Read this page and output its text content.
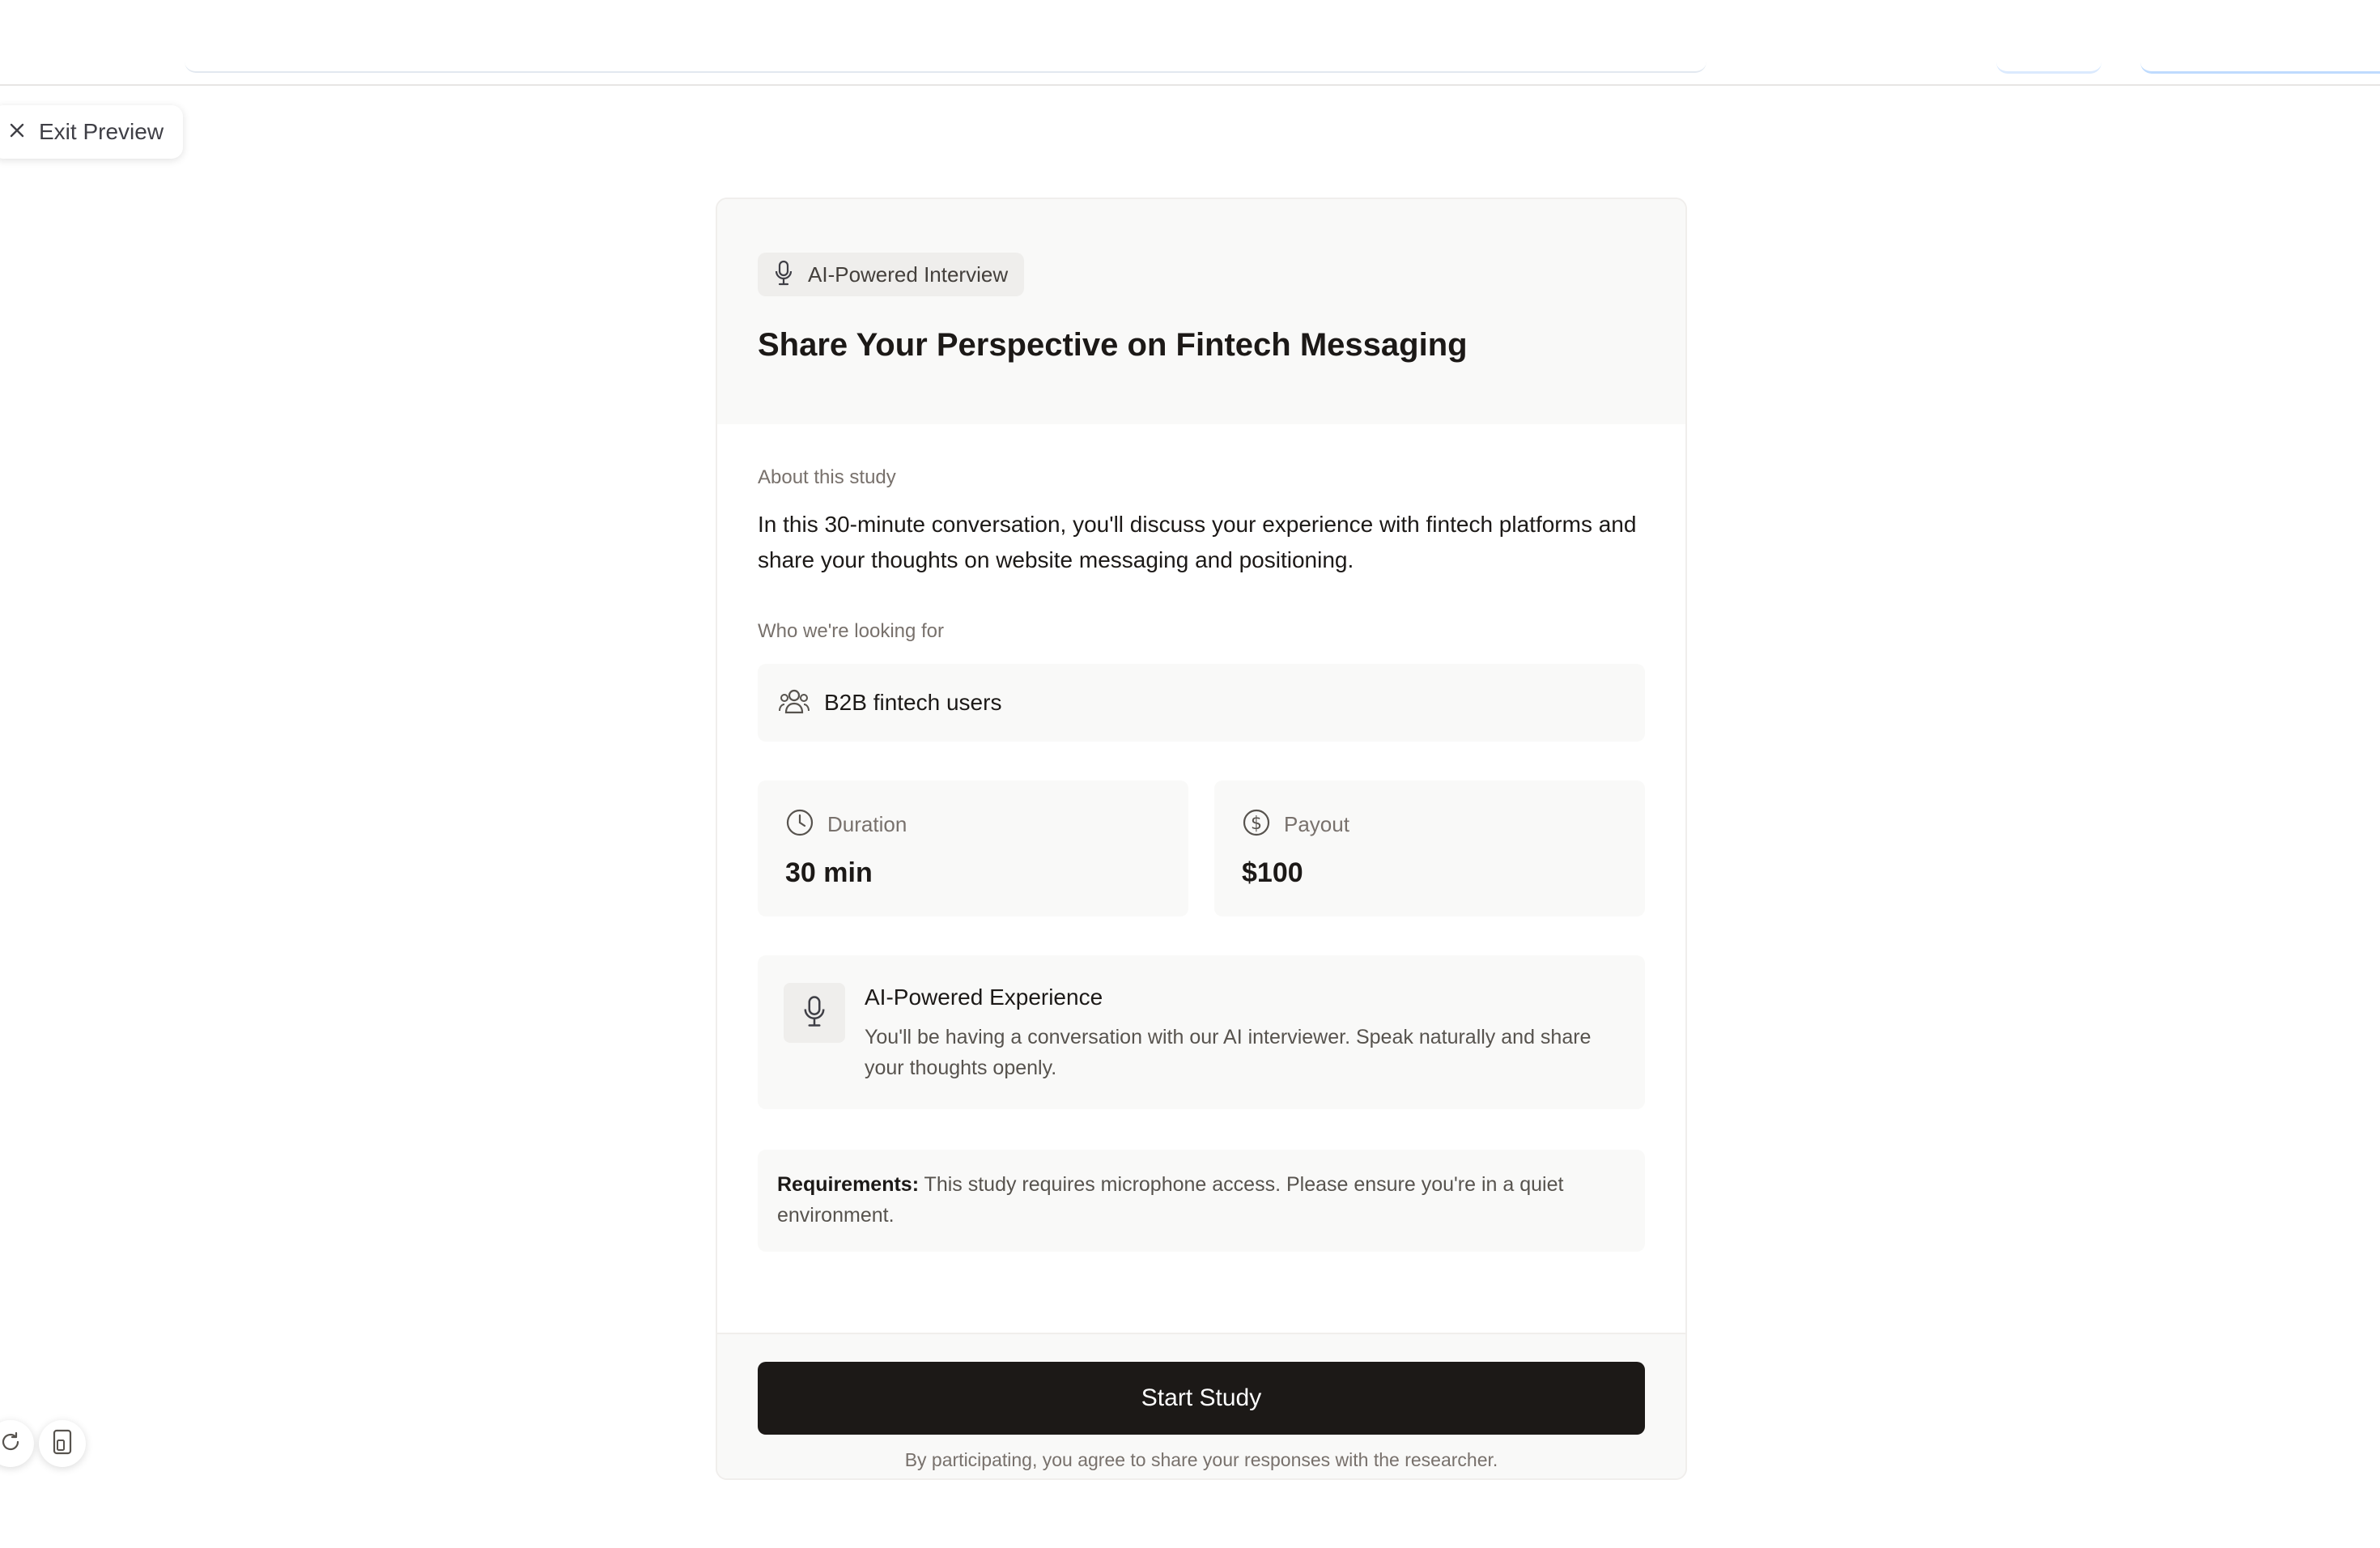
Exit Preview
AI-Powered Interview
Share Your Perspective on Fintech Messaging
About this study
In this 30-minute conversation, you'll discuss your experience with fintech platforms and share your thoughts on website messaging and positioning.
Who we're looking for
B2B fintech users
Duration
30 min
$ Payout
$100
AI-Powered Experience
You'll be having a conversation with our AI interviewer. Speak naturally and share your thoughts openly.
Requirements: This study requires microphone access. Please ensure you're in a quiet environment.
Start Study
By participating, you agree to share your responses with the researcher.
